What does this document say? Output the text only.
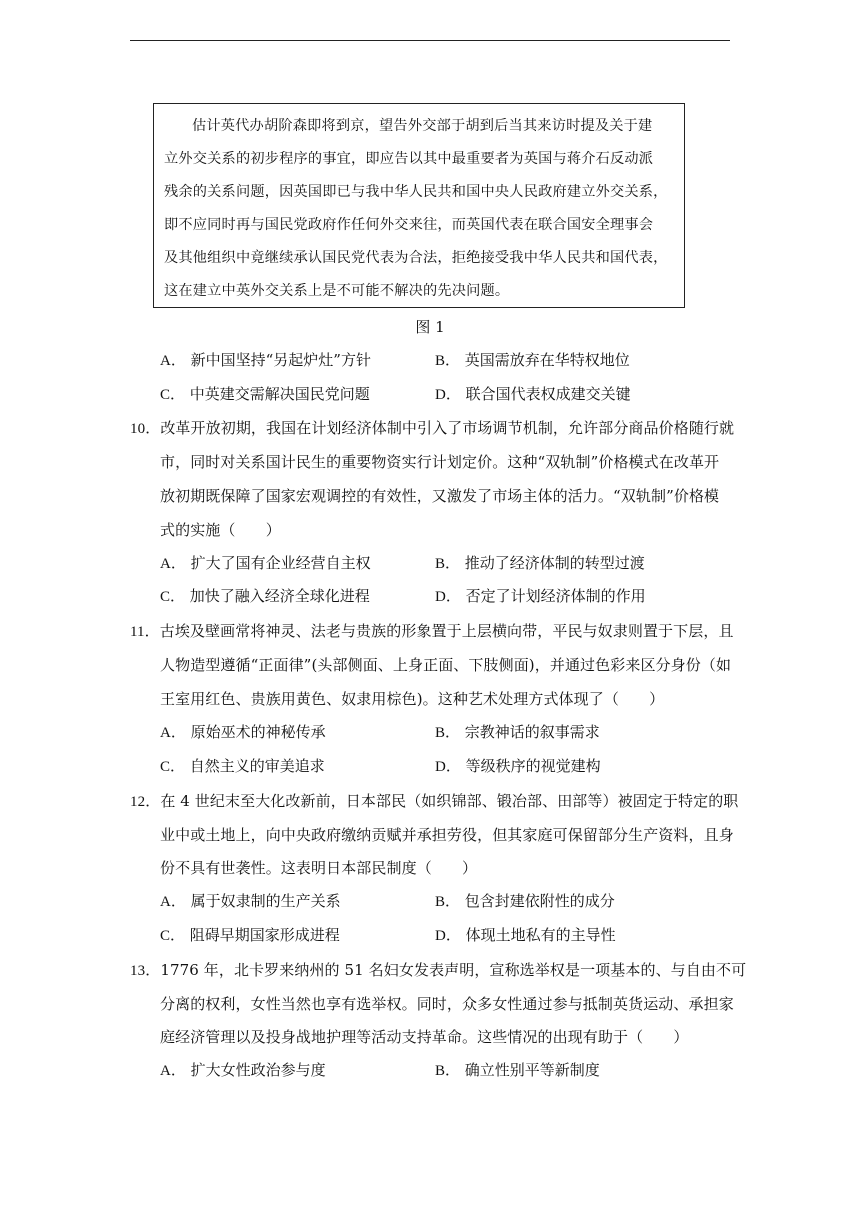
估计英代办胡阶森即将到京，望告外交部于胡到后当其来访时提及关于建
立外交关系的初步程序的事宜，即应告以其中最重要者为英国与蒋介石反动派
残余的关系问题，因英国即已与我中华人民共和国中央人民政府建立外交关系，
即不应同时再与国民党政府作任何外交来往，而英国代表在联合国安全理事会
及其他组织中竟继续承认国民党代表为合法，拒绝接受我中华人民共和国代表，
这在建立中英外交关系上是不可能不解决的先决问题。
图 1
A． 新中国坚持“另起炉灶”方针	B． 英国需放弃在华特权地位
C． 中英建交需解决国民党问题	D． 联合国代表权成建交关键
10．改革开放初期，我国在计划经济体制中引入了市场调节机制，允许部分商品价格随行就
市，同时对关系国计民生的重要物资实行计划定价。这种“双轨制”价格模式在改革开
放初期既保障了国家宏观调控的有效性，又激发了市场主体的活力。“双轨制”价格模
式的实施（　　）
A． 扩大了国有企业经营自主权	B． 推动了经济体制的转型过渡
C． 加快了融入经济全球化进程	D． 否定了计划经济体制的作用
11．古埃及壁画常将神灵、法老与贵族的形象置于上层横向带，平民与奴隶则置于下层，且
人物造型遵循“正面律”(头部侧面、上身正面、下肢侧面)，并通过色彩来区分身份（如
王室用红色、贵族用黄色、奴隶用棕色)。这种艺术处理方式体现了（　　）
A． 原始巫术的神秘传承	B． 宗教神话的叙事需求
C． 自然主义的审美追求	D． 等级秩序的视觉建构
12．在 4 世纪末至大化改新前，日本部民（如织锦部、锻冶部、田部等）被固定于特定的职
业中或土地上，向中央政府缴纳贡赋并承担劳役，但其家庭可保留部分生产资料，且身
份不具有世袭性。这表明日本部民制度（　　）
A． 属于奴隶制的生产关系	B． 包含封建依附性的成分
C． 阻碍早期国家形成进程	D． 体现土地私有的主导性
13．1776 年，北卡罗来纳州的 51 名妇女发表声明，宣称选举权是一项基本的、与自由不可
分离的权利，女性当然也享有选举权。同时，众多女性通过参与抵制英货运动、承担家
庭经济管理以及投身战地护理等活动支持革命。这些情况的出现有助于（　　）
A． 扩大女性政治参与度	B． 确立性别平等新制度
